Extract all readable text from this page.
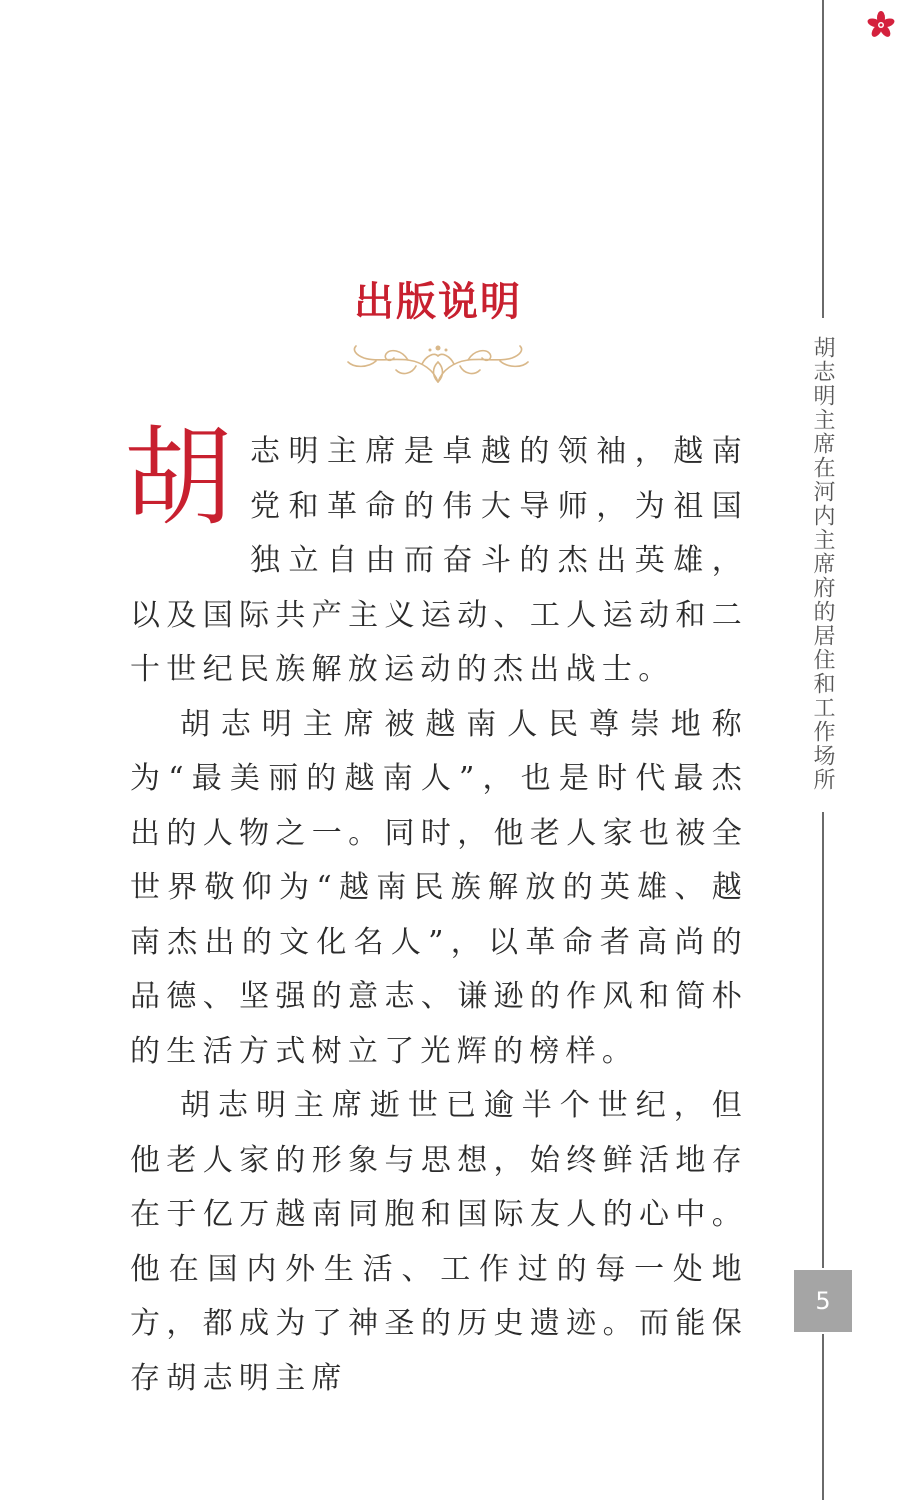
胡志明主席在河内主席府的居住和工作场所
5
出版说明

胡志明主席是卓越的领袖，越南党和革命的伟大导师，为祖国独立自由而奋斗的杰出英雄，以及国际共产主义运动、工人运动和二十世纪民族解放运动的杰出战士。

胡志明主席被越南人民尊崇地称为“最美丽的越南人”，也是时代最杰出的人物之一。同时，他老人家也被全世界敬仰为“越南民族解放的英雄、越南杰出的文化名人”，以革命者高尚的品德、坚强的意志、谦逊的作风和简朴的生活方式树立了光辉的榜样。

胡志明主席逝世已逾半个世纪，但他老人家的形象与思想，始终鲜活地存在于亿万越南同胞和国际友人的心中。他在国内外生活、工作过的每一处地方，都成为了神圣的历史遗迹。而能保存胡志明主席
